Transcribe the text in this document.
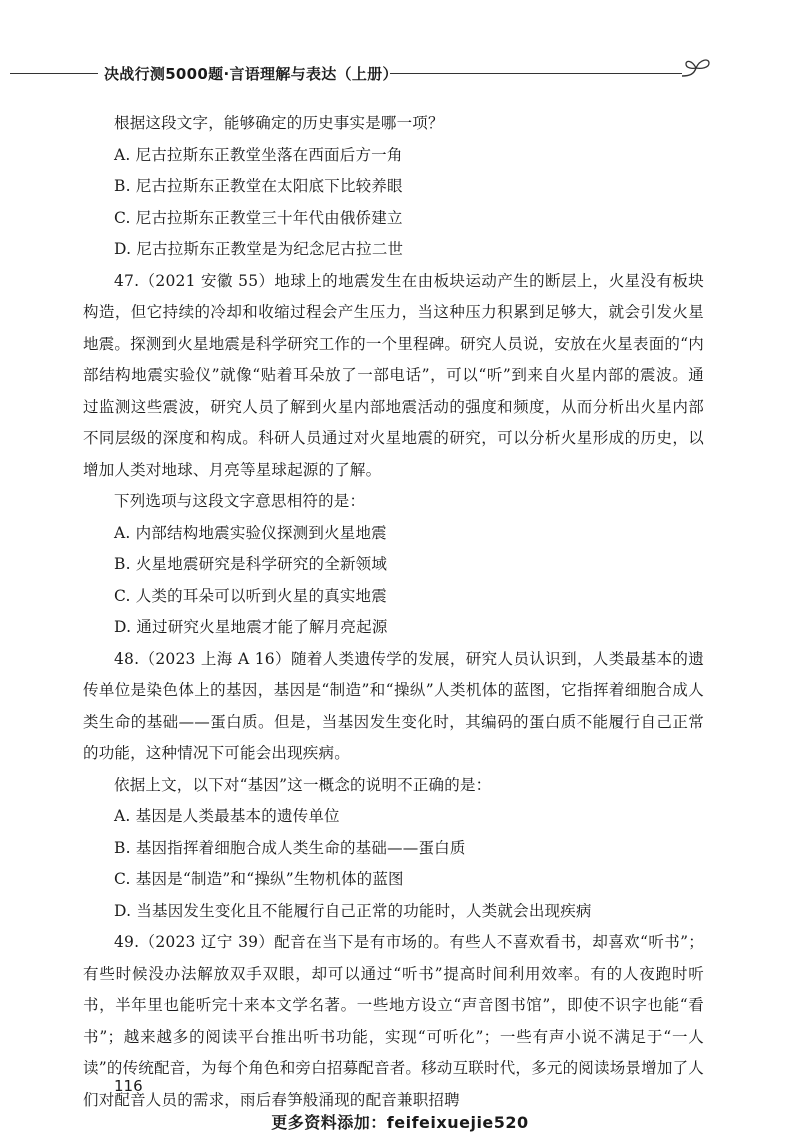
决战行测5000题·言语理解与表达（上册）

根据这段文字，能够确定的历史事实是哪一项？

A. 尼古拉斯东正教堂坐落在西面后方一角

B. 尼古拉斯东正教堂在太阳底下比较养眼

C. 尼古拉斯东正教堂三十年代由俄侨建立

D. 尼古拉斯东正教堂是为纪念尼古拉二世

47.（2021 安徽 55）地球上的地震发生在由板块运动产生的断层上，火星没有板块构造，但它持续的冷却和收缩过程会产生压力，当这种压力积累到足够大，就会引发火星地震。探测到火星地震是科学研究工作的一个里程碑。研究人员说，安放在火星表面的“内部结构地震实验仪”就像“贴着耳朵放了一部电话”，可以“听”到来自火星内部的震波。通过监测这些震波，研究人员了解到火星内部地震活动的强度和频度，从而分析出火星内部不同层级的深度和构成。科研人员通过对火星地震的研究，可以分析火星形成的历史，以增加人类对地球、月亮等星球起源的了解。

下列选项与这段文字意思相符的是：

A. 内部结构地震实验仪探测到火星地震

B. 火星地震研究是科学研究的全新领域

C. 人类的耳朵可以听到火星的真实地震

D. 通过研究火星地震才能了解月亮起源

48.（2023 上海 A 16）随着人类遗传学的发展，研究人员认识到，人类最基本的遗传单位是染色体上的基因，基因是“制造”和“操纵”人类机体的蓝图，它指挥着细胞合成人类生命的基础——蛋白质。但是，当基因发生变化时，其编码的蛋白质不能履行自己正常的功能，这种情况下可能会出现疾病。

依据上文，以下对“基因”这一概念的说明不正确的是：

A. 基因是人类最基本的遗传单位

B. 基因指挥着细胞合成人类生命的基础——蛋白质

C. 基因是“制造”和“操纵”生物机体的蓝图

D. 当基因发生变化且不能履行自己正常的功能时，人类就会出现疾病

49.（2023 辽宁 39）配音在当下是有市场的。有些人不喜欢看书，却喜欢“听书”；有些时候没办法解放双手双眼，却可以通过“听书”提高时间利用效率。有的人夜跑时听书，半年里也能听完十来本文学名著。一些地方设立“声音图书馆”，即使不识字也能“看书”；越来越多的阅读平台推出听书功能，实现“可听化”；一些有声小说不满足于“一人读”的传统配音，为每个角色和旁白招募配音者。移动互联时代，多元的阅读场景增加了人们对配音人员的需求，雨后春笋般涌现的配音兼职招聘

116
更多资料添加：feifeixuejie520
